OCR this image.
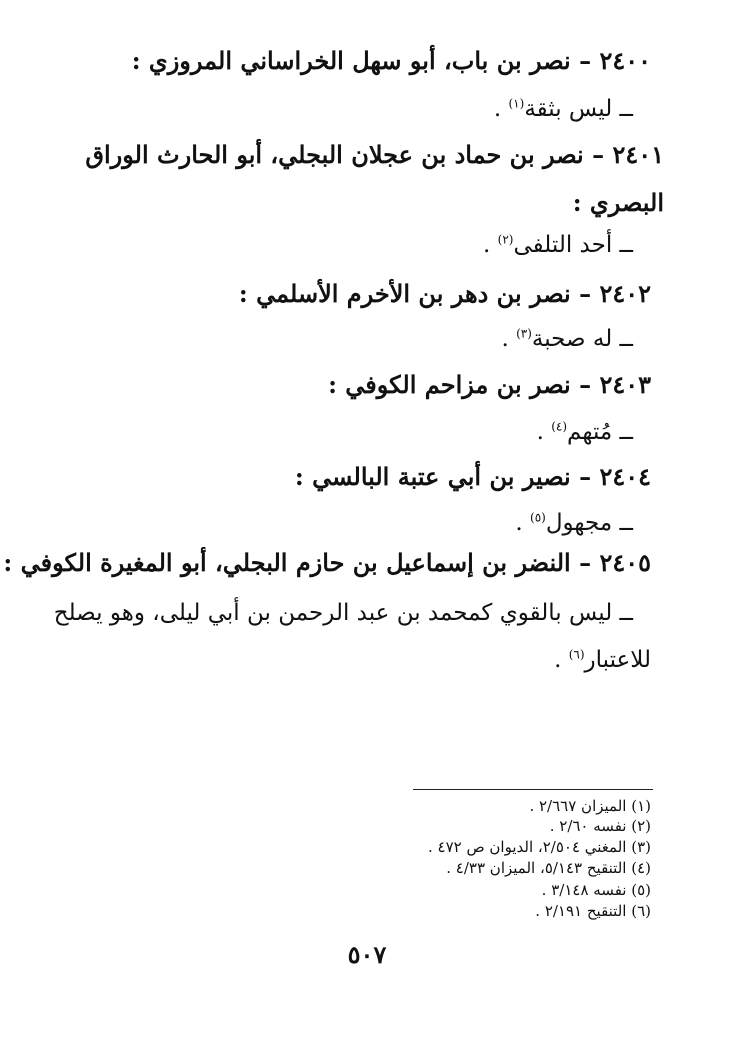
٢٤٠٠ – نصر بن باب، أبو سهل الخراساني المروزي :
ــ ليس بثقة$^{(١)}$ .
٢٤٠١ – نصر بن حماد بن عجلان البجلي، أبو الحارث الوراق
البصري :
ــ أحد التلفى$^{(٢)}$ .
٢٤٠٢ – نصر بن دهر بن الأخرم الأسلمي :
ــ له صحبة$^{(٣)}$ .
٢٤٠٣ – نصر بن مزاحم الكوفي :
ــ مُتهم$^{(٤)}$ .
٢٤٠٤ – نصير بن أبي عتبة البالسي :
ــ مجهول$^{(٥)}$ .
٢٤٠٥ – النضر بن إسماعيل بن حازم البجلي، أبو المغيرة الكوفي :
ــ ليس بالقوي كمحمد بن عبد الرحمن بن أبي ليلى، وهو يصلح
للاعتبار$^{(٦)}$ .
(١) الميزان ٢/٦٦٧ .
(٢) نفسه ٢/٦٠ .
(٣) المغني ٢/٥٠٤، الديوان ص ٤٧٢ .
(٤) التنقيح ٥/١٤٣، الميزان ٤/٣٣ .
(٥) نفسه ٣/١٤٨ .
(٦) التنقيح ٢/١٩١ .
٥٠٧
